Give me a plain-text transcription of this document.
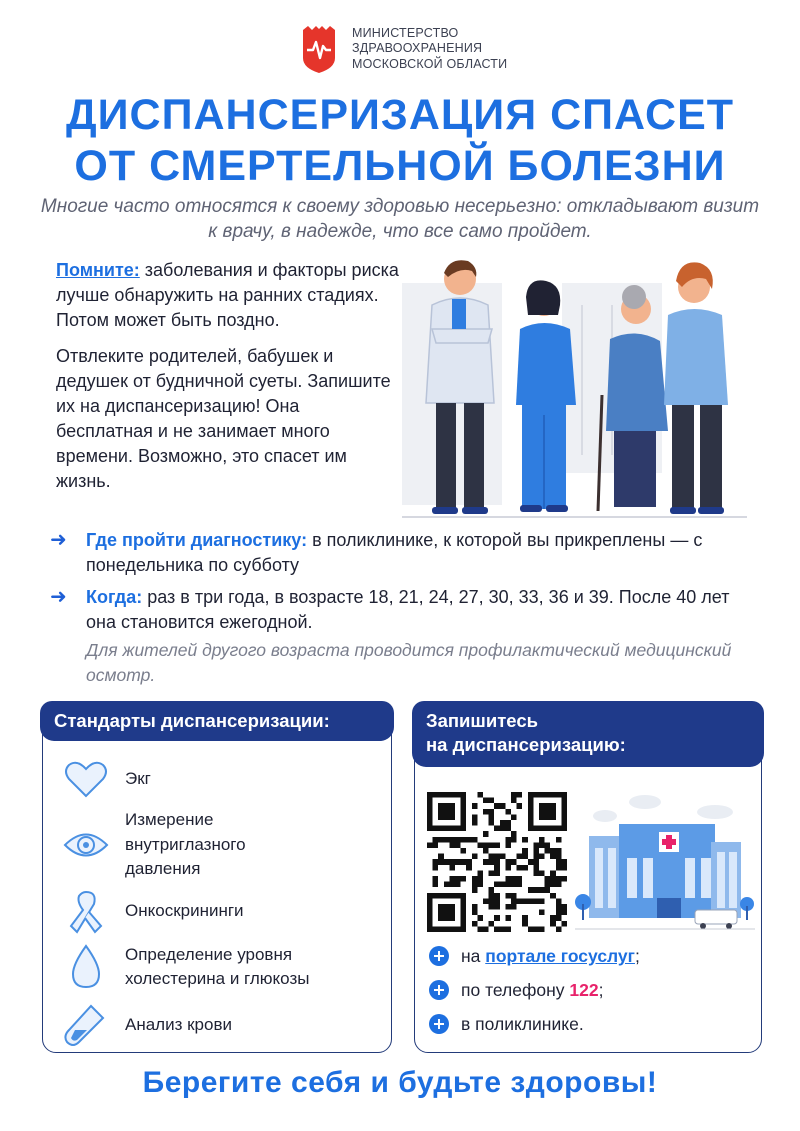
МИНИСТЕРСТВО
ЗДРАВООХРАНЕНИЯ
МОСКОВСКОЙ ОБЛАСТИ
ДИСПАНСЕРИЗАЦИЯ СПАСЕТ
ОТ СМЕРТЕЛЬНОЙ БОЛЕЗНИ
Многие часто относятся к своему здоровью несерьезно: откладывают визит к врачу, в надежде, что все само пройдет.

Помните: заболевания и факторы риска лучше обнаружить на ранних стадиях. Потом может быть поздно.

Отвлеките родителей, бабушек и дедушек от будничной суеты. Запишите их на диспансеризацию! Она бесплатная и не занимает много времени. Возможно, это спасет им жизнь.

➜	Где пройти диагностику: в поликлинике, к которой вы прикреплены — с понедельника по субботу
➜	Когда: раз в три года, в возрасте 18, 21, 24, 27, 30, 33, 36 и 39. После 40 лет она становится ежегодной.
Для жителей другого возраста проводится профилактический медицинский осмотр.
Стандарты диспансеризации:
Экг
Измерение внутриглазного давления
Онкоскрининги
Определение уровня холестерина и глюкозы
Анализ крови
Запишитесь
на диспансеризацию:
на портале госуслуг;
по телефону 122;
в поликлинике.
Берегите себя и будьте здоровы!
